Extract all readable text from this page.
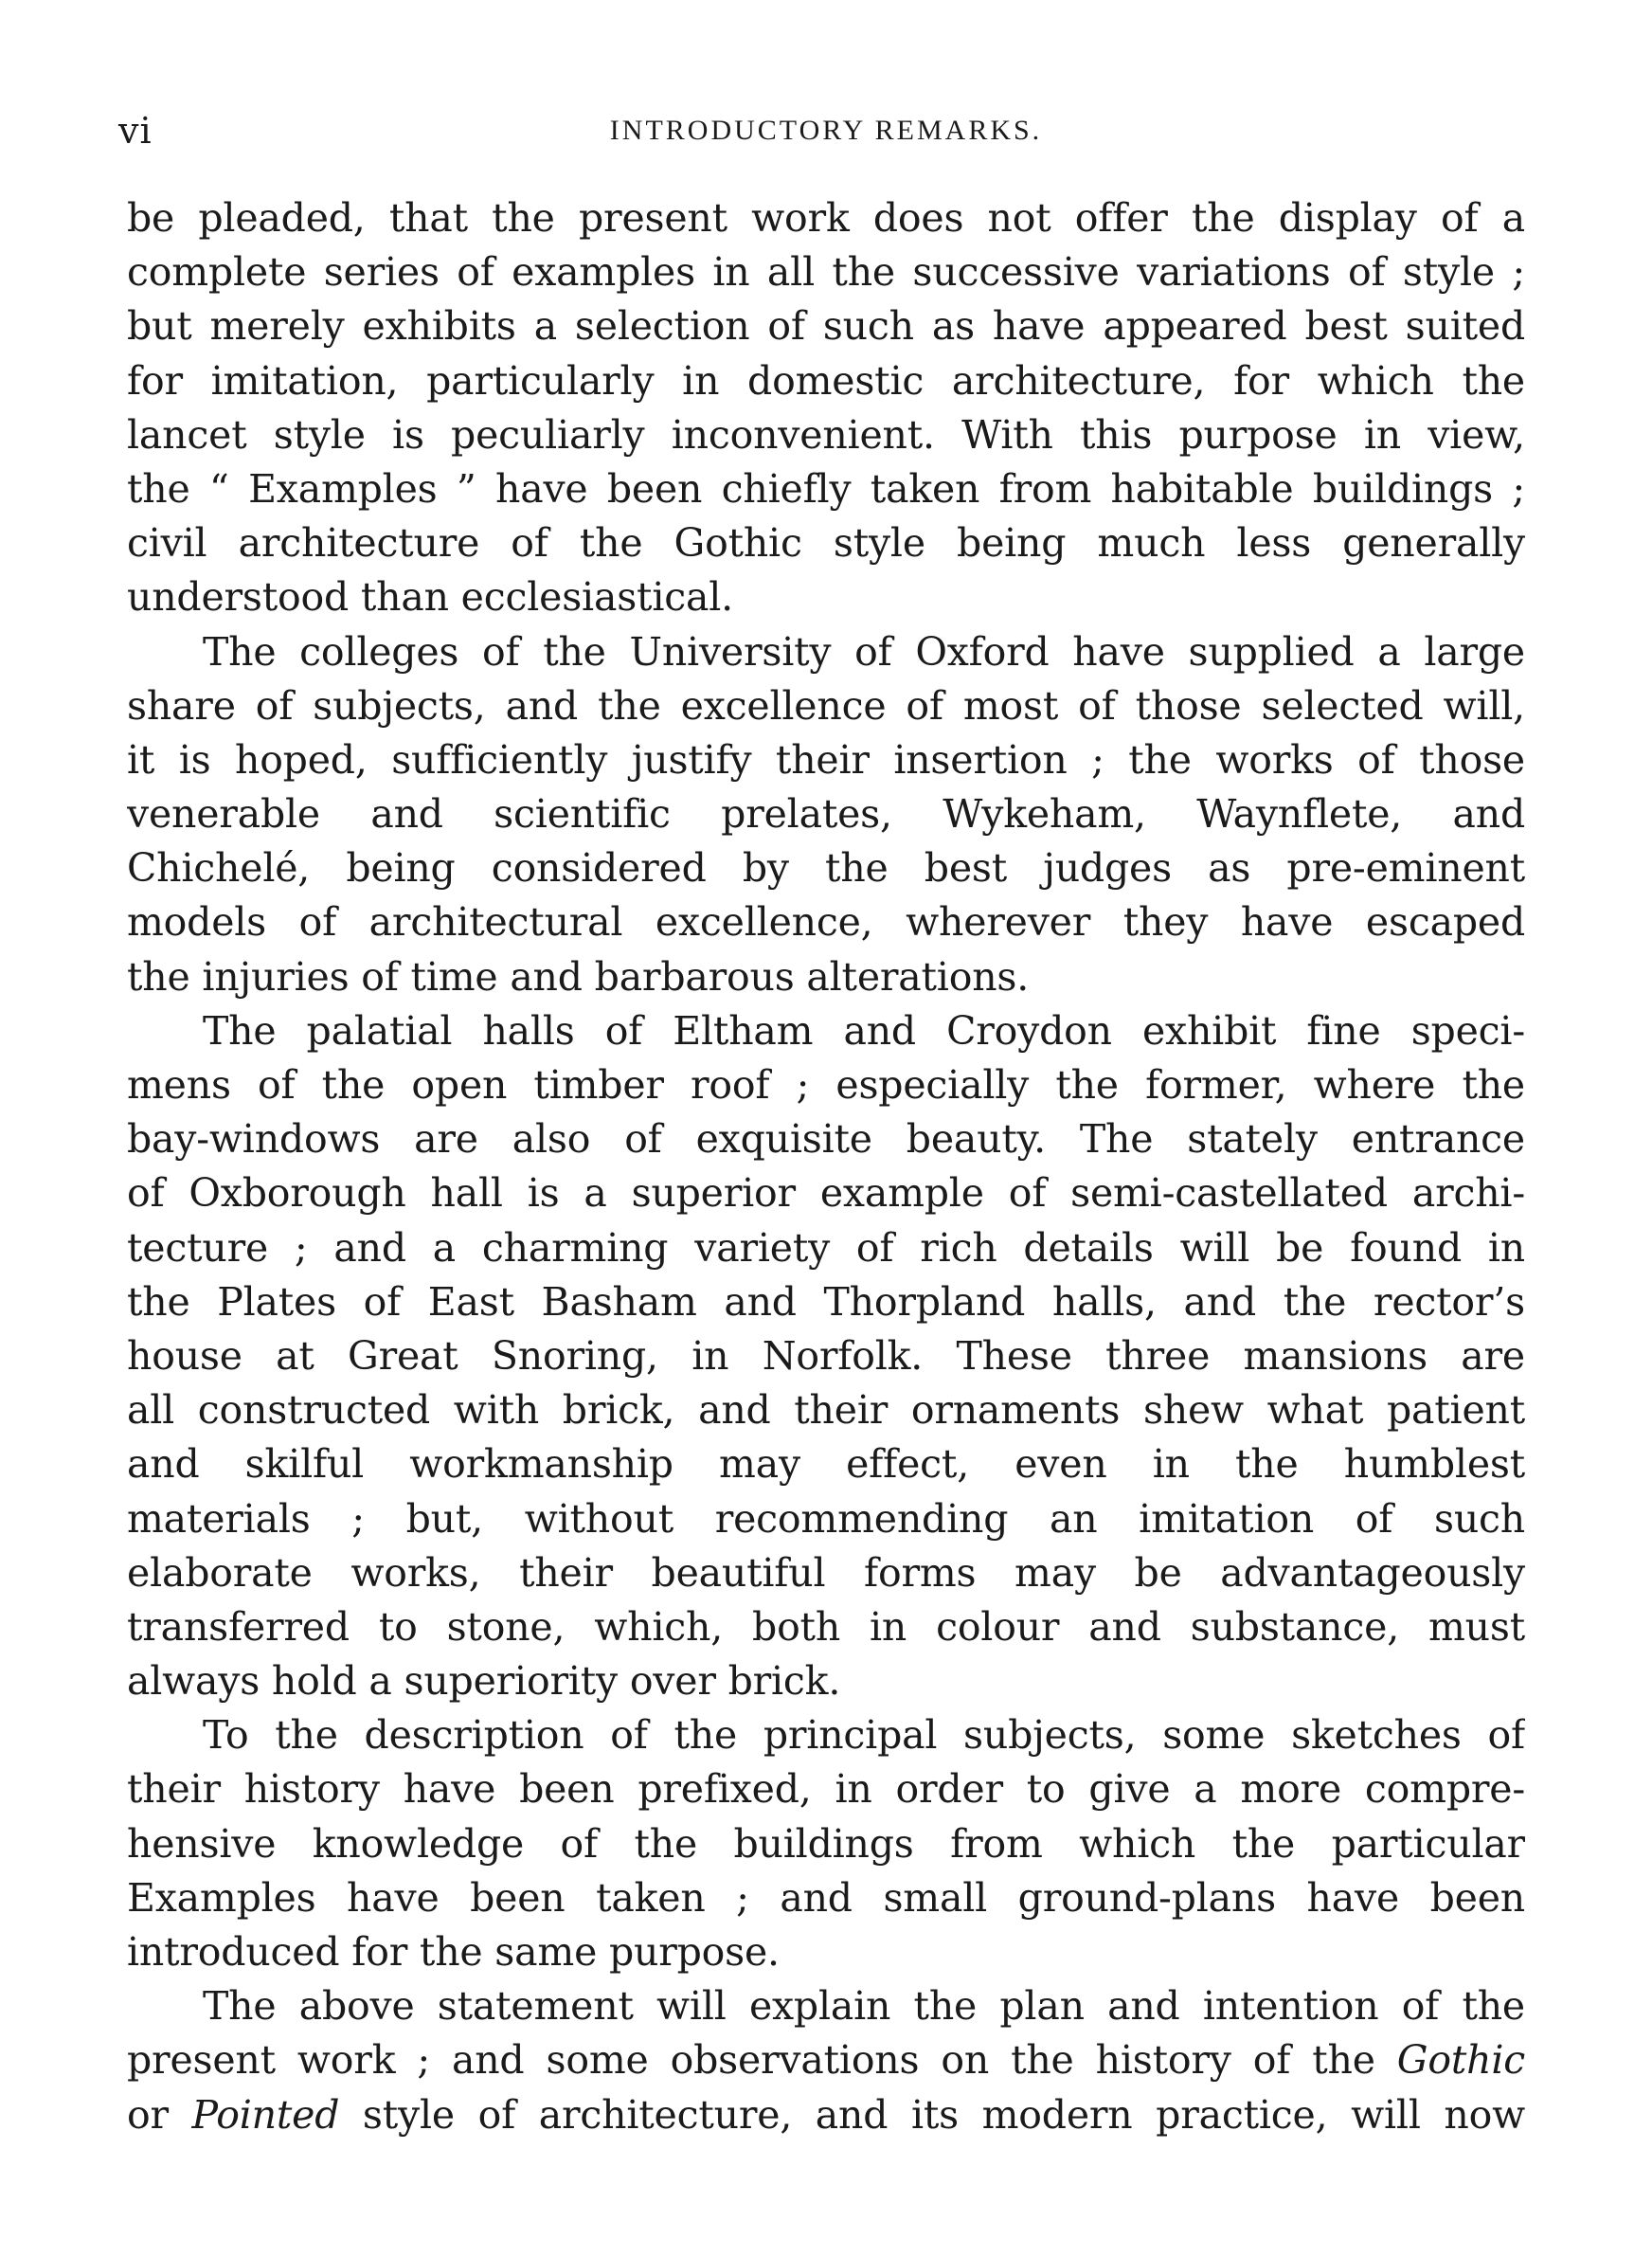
vi	INTRODUCTORY REMARKS.
be pleaded, that the present work does not offer the display of a
complete series of examples in all the successive variations of style ;
but merely exhibits a selection of such as have appeared best suited
for imitation, particularly in domestic architecture, for which the
lancet style is peculiarly inconvenient. With this purpose in view,
the “ Examples ” have been chiefly taken from habitable buildings ;
civil architecture of the Gothic style being much less generally
understood than ecclesiastical.
The colleges of the University of Oxford have supplied a large
share of subjects, and the excellence of most of those selected will,
it is hoped, sufficiently justify their insertion ; the works of those
venerable and scientific prelates, Wykeham, Waynflete, and
Chichelé, being considered by the best judges as pre-eminent
models of architectural excellence, wherever they have escaped
the injuries of time and barbarous alterations.
The palatial halls of Eltham and Croydon exhibit fine speci-
mens of the open timber roof ; especially the former, where the
bay-windows are also of exquisite beauty. The stately entrance
of Oxborough hall is a superior example of semi-castellated archi-
tecture ; and a charming variety of rich details will be found in
the Plates of East Basham and Thorpland halls, and the rector’s
house at Great Snoring, in Norfolk. These three mansions are
all constructed with brick, and their ornaments shew what patient
and skilful workmanship may effect, even in the humblest
materials ; but, without recommending an imitation of such
elaborate works, their beautiful forms may be advantageously
transferred to stone, which, both in colour and substance, must
always hold a superiority over brick.
To the description of the principal subjects, some sketches of
their history have been prefixed, in order to give a more compre-
hensive knowledge of the buildings from which the particular
Examples have been taken ; and small ground-plans have been
introduced for the same purpose.
The above statement will explain the plan and intention of the
present work ; and some observations on the history of the Gothic
or Pointed style of architecture, and its modern practice, will now
